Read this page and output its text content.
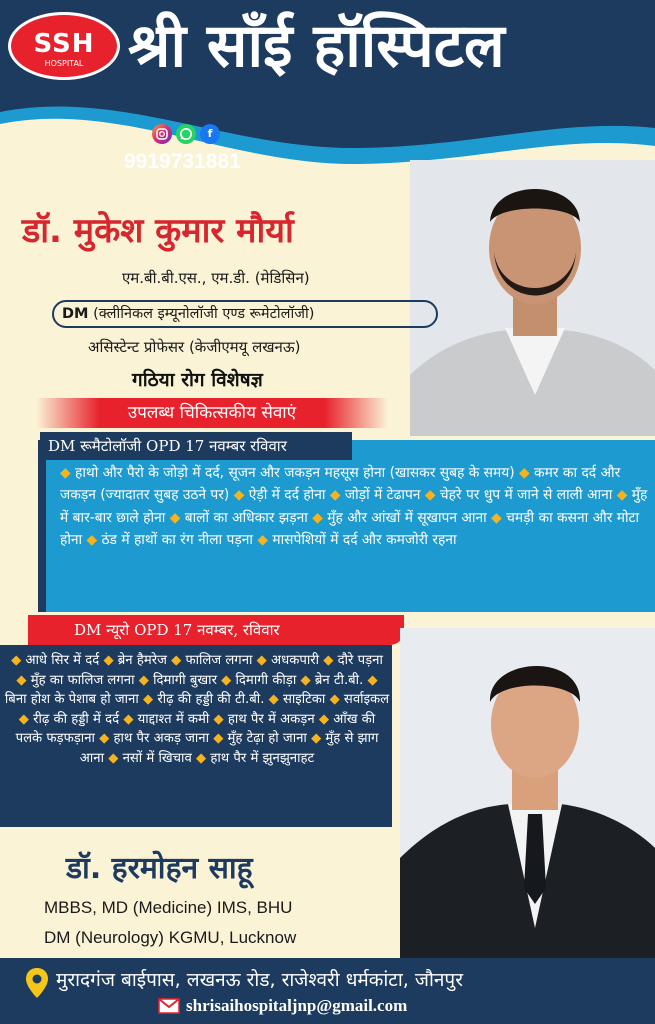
SSH
HOSPITAL श्री साँई हॉस्पिटल
f
9919731881
डॉ. मुकेश कुमार मौर्या
एम.बी.बी.एस., एम.डी. (मेडिसिन)
DM (क्लीनिकल इम्यूनोलॉजी एण्ड रूमेटोलॉजी)
असिस्टेन्ट प्रोफेसर (केजीएमयू लखनऊ)
गठिया रोग विशेषज्ञ
उपलब्ध चिकित्सकीय सेवाएं
◆ हाथो और पैरो के जोड़ो में दर्द, सूजन और जकड़न महसूस होना (खासकर सुबह के समय) ◆ कमर का दर्द और जकड़न (ज्यादातर सुबह उठने पर) ◆ ऐड़ी में दर्द होना ◆ जोड़ों में टेढापन ◆ चेहरे पर धुप में जाने से लाली आना ◆ मुँह में बार-बार छाले होना ◆ बालों का अधिकार झड़ना ◆ मुँह और आंखों में सूखापन आना ◆ चमड़ी का कसना और मोटा होना ◆ ठंड में हाथों का रंग नीला पड़ना ◆ मासपेशियों में दर्द और कमजोरी रहना
DM रूमैटोलॉजी OPD 17 नवम्बर रविवार
◆ आधे सिर में दर्द ◆ ब्रेन हैमरेज ◆ फालिज लगना ◆ अधकपारी ◆ दौरे पड़ना ◆ मुँह का फालिज लगना ◆ दिमागी बुखार ◆ दिमागी कीड़ा ◆ ब्रेन टी.बी. ◆ बिना होश के पेशाब हो जाना ◆ रीढ़ की हड्डी की टी.बी. ◆ साइटिका ◆ सर्वाइकल ◆ रीढ़ की हड्डी में दर्द ◆ याद्दाश्त में कमी ◆ हाथ पैर में अकड़न ◆ आँख की पलके फड़फड़ाना ◆ हाथ पैर अकड़ जाना ◆ मुँह टेढ़ा हो जाना ◆ मुँह से झाग आना ◆ नसों में खिचाव ◆ हाथ पैर में झुनझुनाहट
DM न्यूरो OPD 17 नवम्बर, रविवार
डॉ. हरमोहन साहू
MBBS, MD (Medicine) IMS, BHU
DM (Neurology) KGMU, Lucknow
मुरादगंज बाईपास, लखनऊ रोड, राजेश्वरी धर्मकांटा, जौनपुर
shrisaihospitaljnp@gmail.com
